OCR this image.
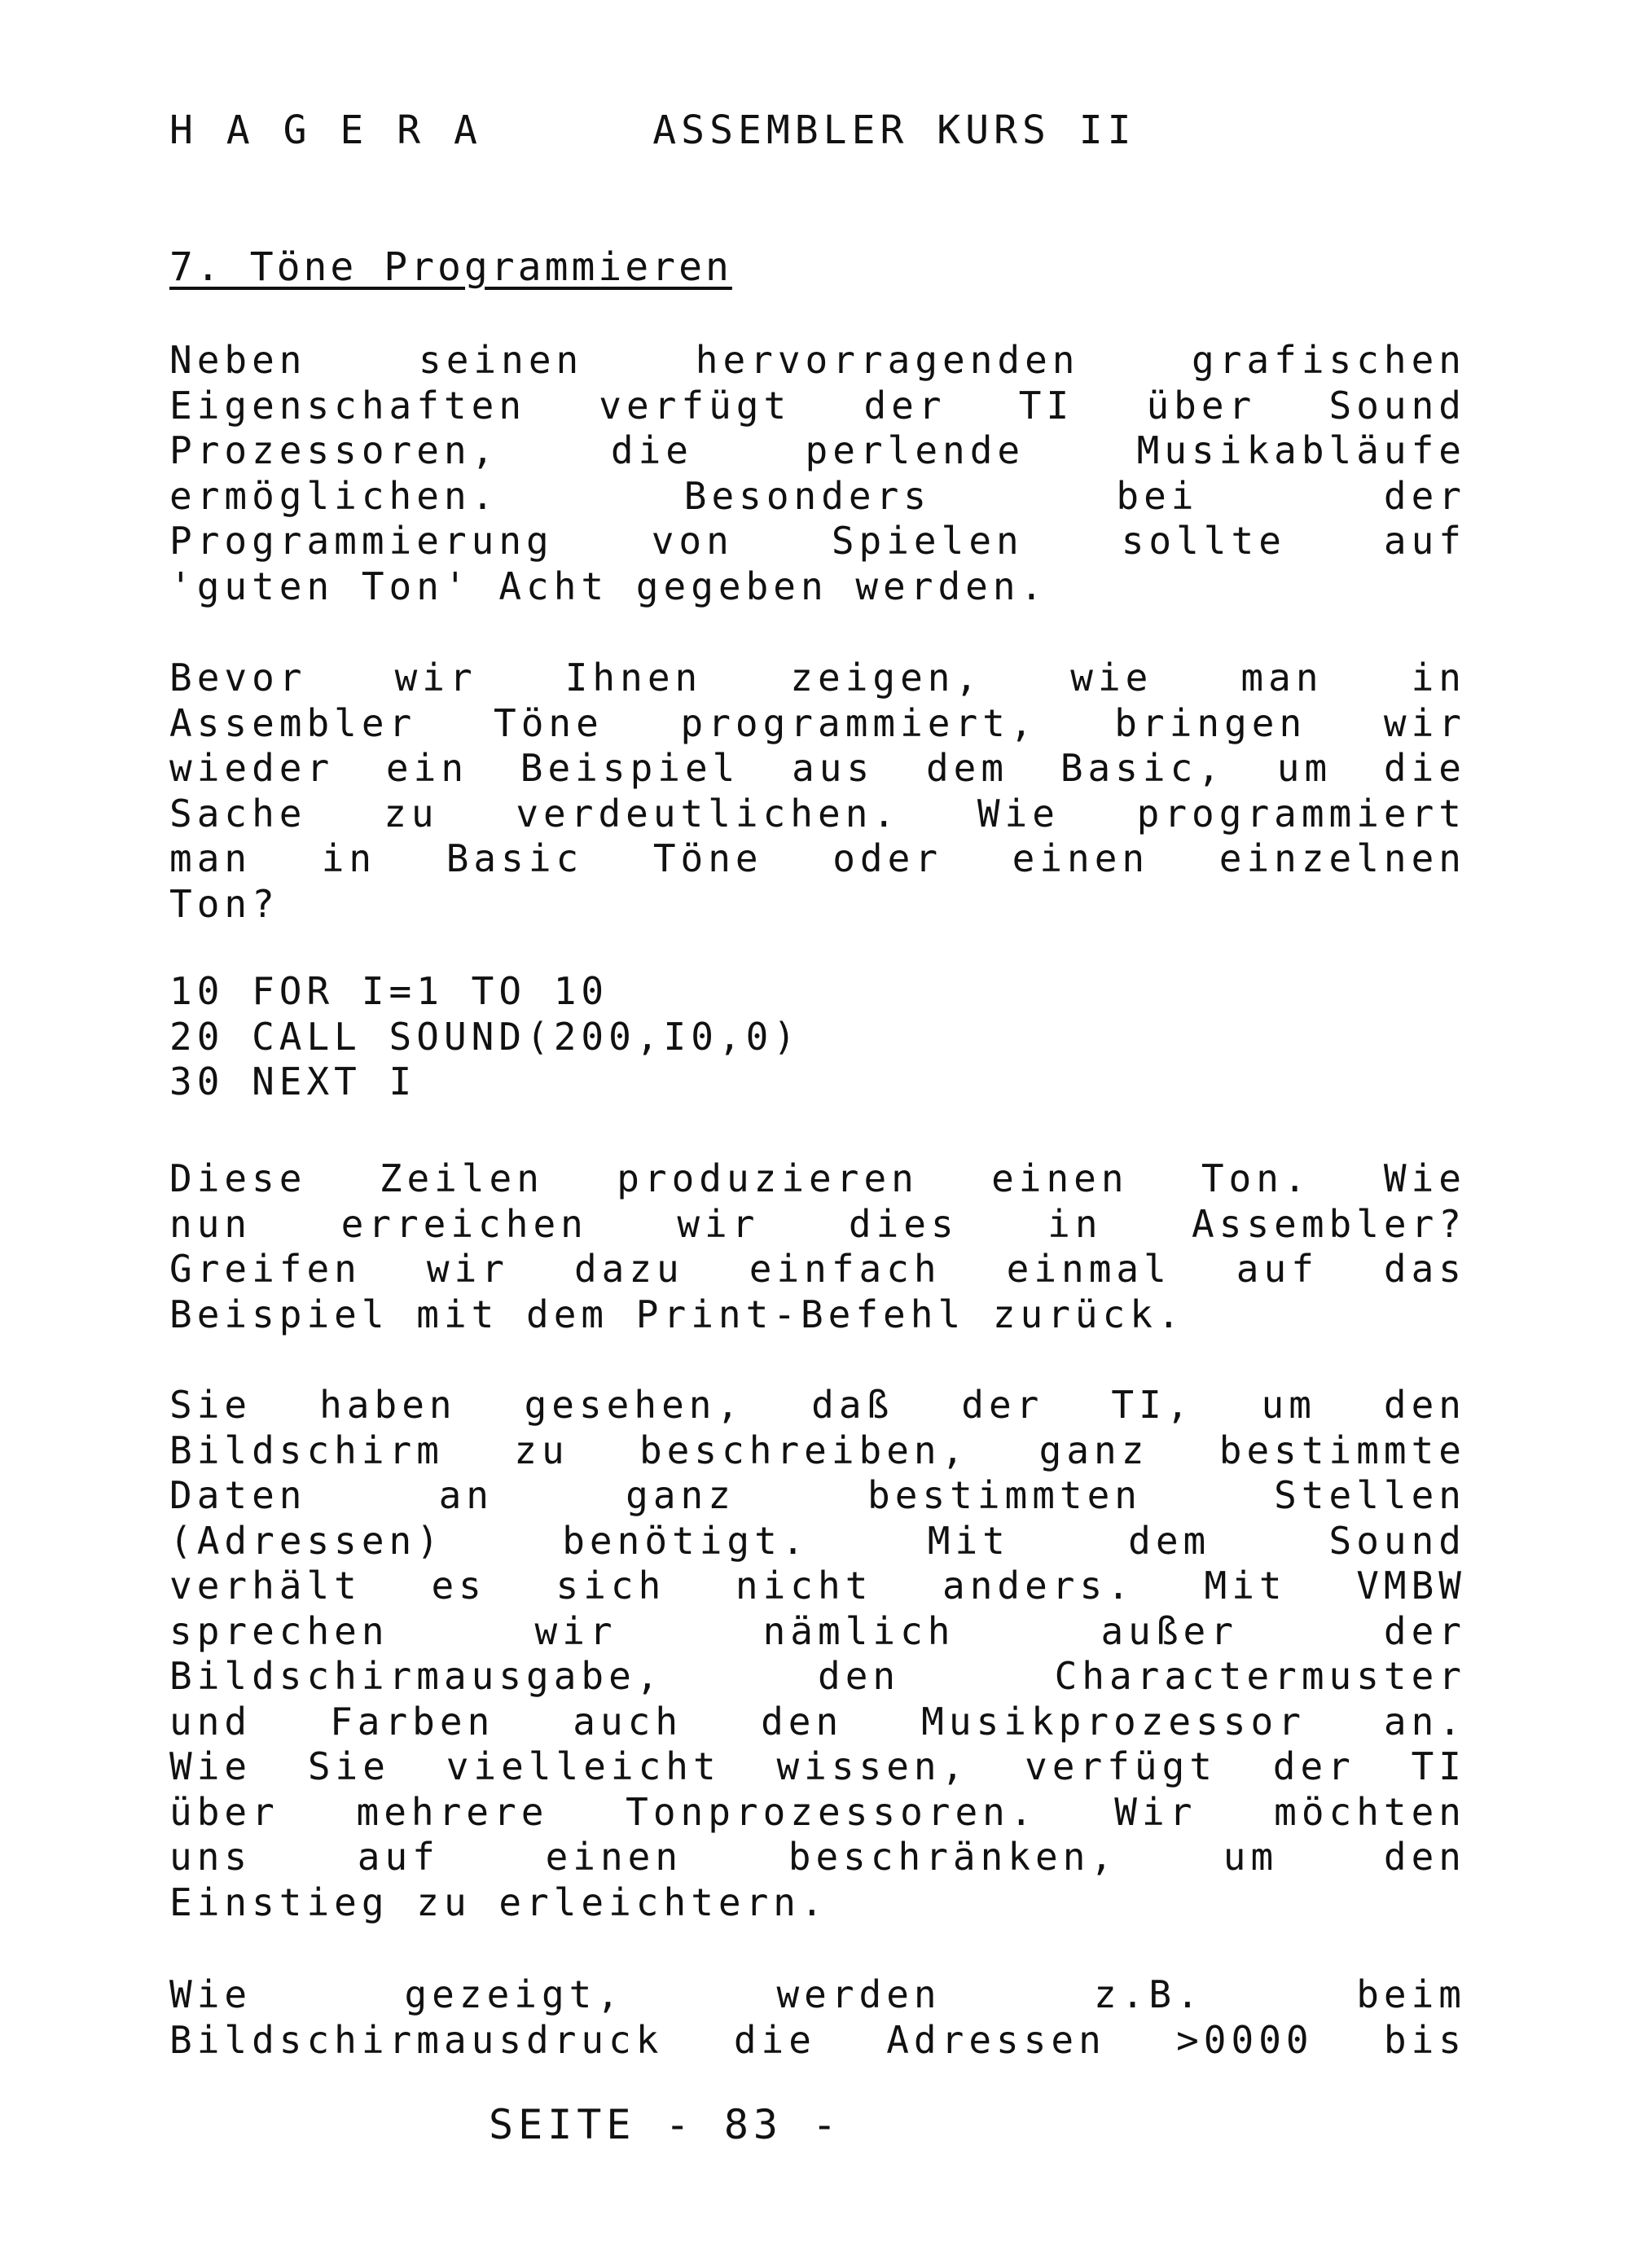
H A G E R A	ASSEMBLER KURS II
7. Töne Programmieren

Neben seinen hervorragenden grafischen
Eigenschaften verfügt der TI über Sound
Prozessoren, die perlende Musikabläufe
ermöglichen. Besonders bei der
Programmierung von Spielen sollte auf
'guten Ton' Acht gegeben werden.

Bevor wir Ihnen zeigen, wie man in
Assembler Töne programmiert, bringen wir
wieder ein Beispiel aus dem Basic, um die
Sache zu verdeutlichen. Wie programmiert
man in Basic Töne oder einen einzelnen
Ton?

10 FOR I=1 TO 10
20 CALL SOUND(200,I0,0)
30 NEXT I

Diese Zeilen produzieren einen Ton. Wie
nun erreichen wir dies in Assembler?
Greifen wir dazu einfach einmal auf das
Beispiel mit dem Print-Befehl zurück.

Sie haben gesehen, daß der TI, um den
Bildschirm zu beschreiben, ganz bestimmte
Daten an ganz bestimmten Stellen
(Adressen) benötigt. Mit dem Sound
verhält es sich nicht anders. Mit VMBW
sprechen wir nämlich außer der
Bildschirmausgabe, den Charactermuster
und Farben auch den Musikprozessor an.
Wie Sie vielleicht wissen, verfügt der TI
über mehrere Tonprozessoren. Wir möchten
uns auf einen beschränken, um den
Einstieg zu erleichtern.

Wie gezeigt, werden z.B. beim
Bildschirmausdruck die Adressen >0000 bis

SEITE - 83 -
